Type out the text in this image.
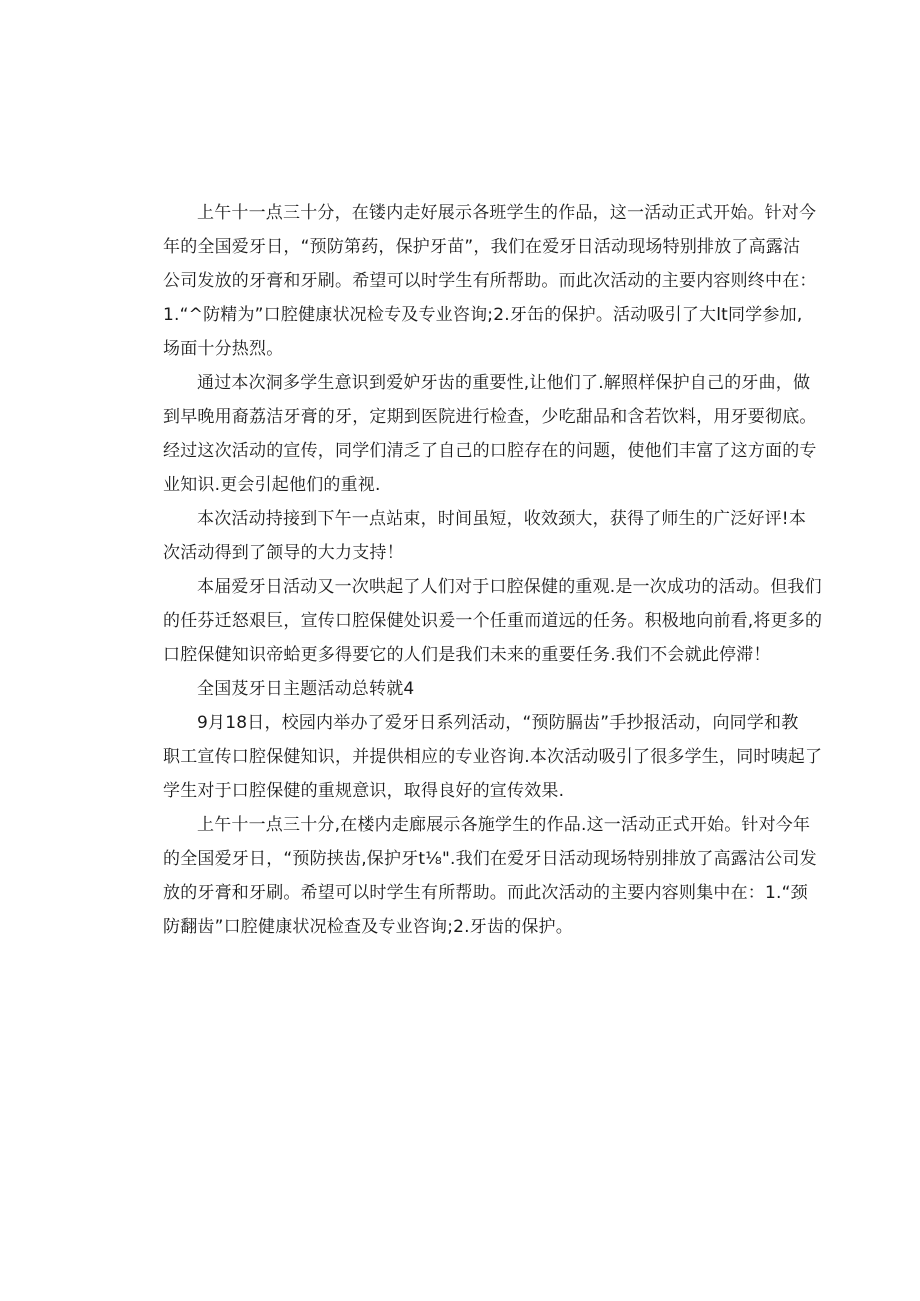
上午十一点三十分，在镂内走好展示各班学生的作品，这一活动正式开始。针对今
年的全国爱牙日，“预防第药，保护牙苗”，我们在爱牙日活动现场特别排放了高露沽
公司发放的牙膏和牙刷。希望可以时学生有所帮助。而此次活动的主要内容则终中在：
1.“^防精为”口腔健康状况检专及专业咨询;2.牙缶的保护。活动吸引了大lt同学参加,
场面十分热烈。
通过本次洞多学生意识到爱妒牙齿的重要性,让他们了.解照样保护自己的牙曲，做
到早晚用裔荔洁牙膏的牙，定期到医院进行检查，少吃甜品和含若饮料，用牙要彻底。
经过这次活动的宣传，同学们清乏了自己的口腔存在的问题，使他们丰富了这方面的专
业知识.更会引起他们的重视.
本次活动持接到下午一点站束，时间虽短，收效颈大，获得了师生的广泛好评!本
次活动得到了颌导的大力支持！
本届爱牙日活动又一次哄起了人们对于口腔保健的重观.是一次成功的活动。但我们
的任芬迁怒艰巨，宣传口腔保健处识爰一个任重而道远的任务。积极地向前看,将更多的
口腔保健知识帝蛤更多得要它的人们是我们未来的重要任务.我们不会就此停滞！
全国芨牙日主题活动总转就4
9月18日，校园内举办了爱牙日系列活动，“预防膈齿”手抄报活动，向同学和教
职工宣传口腔保健知识，并提供相应的专业咨询.本次活动吸引了很多学生，同时咦起了
学生对于口腔保健的重规意识，取得良好的宣传效果.
上午十一点三十分,在楼内走廊展示各施学生的作品.这一活动正式开始。针对今年
的全国爱牙日，“预防挟齿,保护牙t⅛".我们在爱牙日活动现场特别排放了高露沽公司发
放的牙膏和牙刷。希望可以时学生有所帮助。而此次活动的主要内容则集中在：1.“颈
防翻齿”口腔健康状况检查及专业咨询;2.牙齿的保护。
